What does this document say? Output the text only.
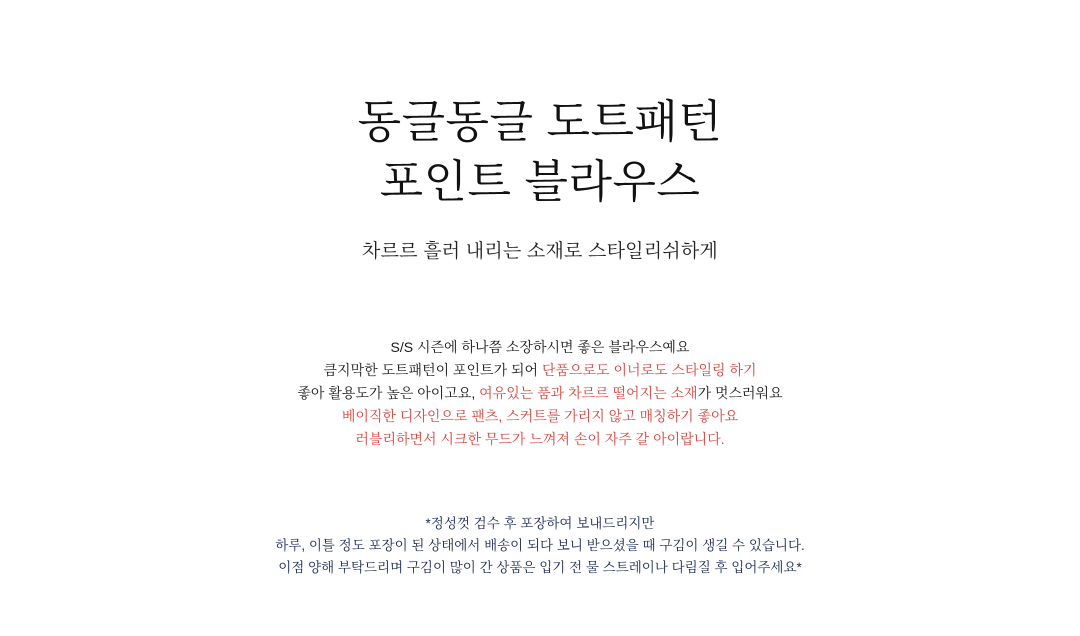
동글동글 도트패턴
포인트 블라우스
차르르 흘러 내리는 소재로 스타일리쉬하게
S/S 시즌에 하나쯤 소장하시면 좋은 블라우스예요
큼지막한 도트패턴이 포인트가 되어 단품으로도 이너로도 스타일링 하기
좋아 활용도가 높은 아이고요, 여유있는 품과 차르르 떨어지는 소재가 멋스러워요
베이직한 디자인으로 팬츠, 스커트를 가리지 않고 매칭하기 좋아요
러블리하면서 시크한 무드가 느껴져 손이 자주 갈 아이랍니다.
*정성껏 검수 후 포장하여 보내드리지만
하루, 이틀 정도 포장이 된 상태에서 배송이 되다 보니 받으셨을 때 구김이 생길 수 있습니다.
이점 양해 부탁드리며 구김이 많이 간 상품은 입기 전 물 스트레이나 다림질 후 입어주세요*
